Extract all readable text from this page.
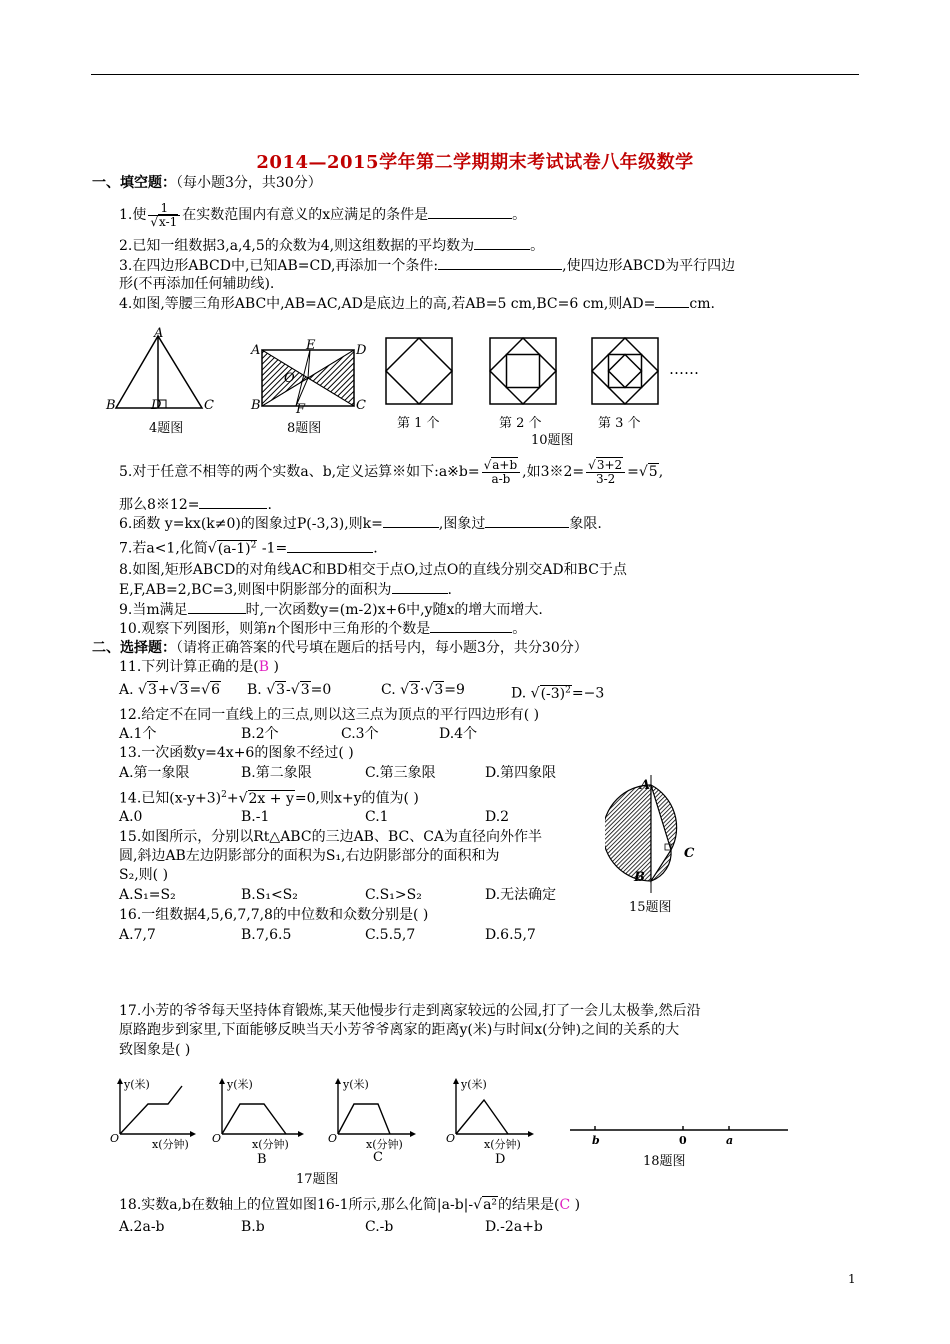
2014—2015学年第二学期期末考试试卷八年级数学
一、填空题：（每小题3分，共30分）
1.使 $\frac{1}{√x-1}$ 在实数范围内有意义的x应满足的条件是	。
2.已知一组数据3,a,4,5的众数为4,则这组数据的平均数为	。
3.在四边形ABCD中,已知AB=CD,再添加一个条件:	,使四边形ABCD为平行四边
形(不再添加任何辅助线).
4.如图,等腰三角形ABC中,AB=AC,AD是底边上的高,若AB=5 cm,BC=6 cm,则AD= cm.
A
B	D	C
A	E	D
O
B	F	C
4题图	8题图	第 1 个	第 2 个	第 3 个
10题图
……
5.对于任意不相等的两个实数a、b,定义运算※如下:a※b= $\frac{√a+b}{a-b}$ ,如3※2= $\frac{√3+2}{3-2} =√5$,
那么8※12=	.
6.函数 y=kx(k≠0)的图象过P(-3,3),则k=	,图象过	象限.
7.若a<1,化简$√(a-1)^2$ -1=	.
8.如图,矩形ABCD的对角线AC和BD相交于点O,过点O的直线分别交AD和BC于点
E,F,AB=2,BC=3,则图中阴影部分的面积为	.
9.当m满足	时,一次函数y=(m-2)x+6中,y随x的增大而增大.
10.观察下列图形，则第n个图形中三角形的个数是	。
二、选择题：（请将正确答案的代号填在题后的括号内，每小题3分，共分30分）
11.下列计算正确的是(B )
A. √3+√3=√6 B. √3-√3=0	C. √3·√3=9	D. $√(-3)^2=-3$
12.给定不在同一直线上的三点,则以这三点为顶点的平行四边形有( )
A.1个	B.2个	C.3个	D.4个
13.一次函数y=4x+6的图象不经过( )
A.第一象限	B.第二象限	C.第三象限	D.第四象限
14.已知$(x-y+3)^2+√2x + y=0$,则x+y的值为( )
A.0	B.-1	C.1	D.2
15.如图所示，分别以Rt△ABC的三边AB、BC、CA为直径向外作半
圆,斜边AB左边阴影部分的面积为S₁,右边阴影部分的面积和为
S₂,则( )
A.S₁=S₂	B.S₁<S₂	C.S₁>S₂	D.无法确定
A
C
B
15题图
16.一组数据4,5,6,7,7,8的中位数和众数分别是( )
A.7,7	B.7,6.5	C.5.5,7	D.6.5,7
17.小芳的爷爷每天坚持体育锻炼,某天他慢步行走到离家较远的公园,打了一会儿太极拳,然后沿
原路跑步到家里,下面能够反映当天小芳爷爷离家的距离y(米)与时间x(分钟)之间的关系的大
致图象是( )
y(米)	y(米)	y(米)	y(米)
O	O	O	O
x(分钟)	x(分钟)	x(分钟)	x(分钟)
B	C	D
17题图
b	0	a
18题图
18.实数a,b在数轴上的位置如图16-1所示,那么化简|a-b|-√a²的结果是(C )
A.2a-b	B.b	C.-b	D.-2a+b
1
